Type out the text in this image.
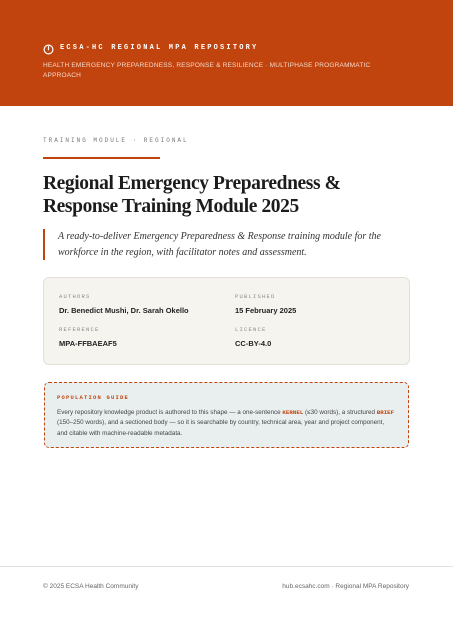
ECSA-HC REGIONAL MPA REPOSITORY
HEALTH EMERGENCY PREPAREDNESS, RESPONSE & RESILIENCE · MULTIPHASE PROGRAMMATIC APPROACH
TRAINING MODULE · REGIONAL
Regional Emergency Preparedness & Response Training Module 2025

A ready-to-deliver Emergency Preparedness & Response training module for the workforce in the region, with facilitator notes and assessment.

AUTHORS
Dr. Benedict Mushi, Dr. Sarah Okello
PUBLISHED
15 February 2025
REFERENCE
MPA-FFBAEAF5
LICENCE
CC-BY-4.0
POPULATION GUIDE
Every repository knowledge product is authored to this shape — a one-sentence KERNEL (≤30 words), a structured BRIEF (150–250 words), and a sectioned body — so it is searchable by country, technical area, year and project component, and citable with machine-readable metadata.
© 2025 ECSA Health Community	hub.ecsahc.com · Regional MPA Repository
